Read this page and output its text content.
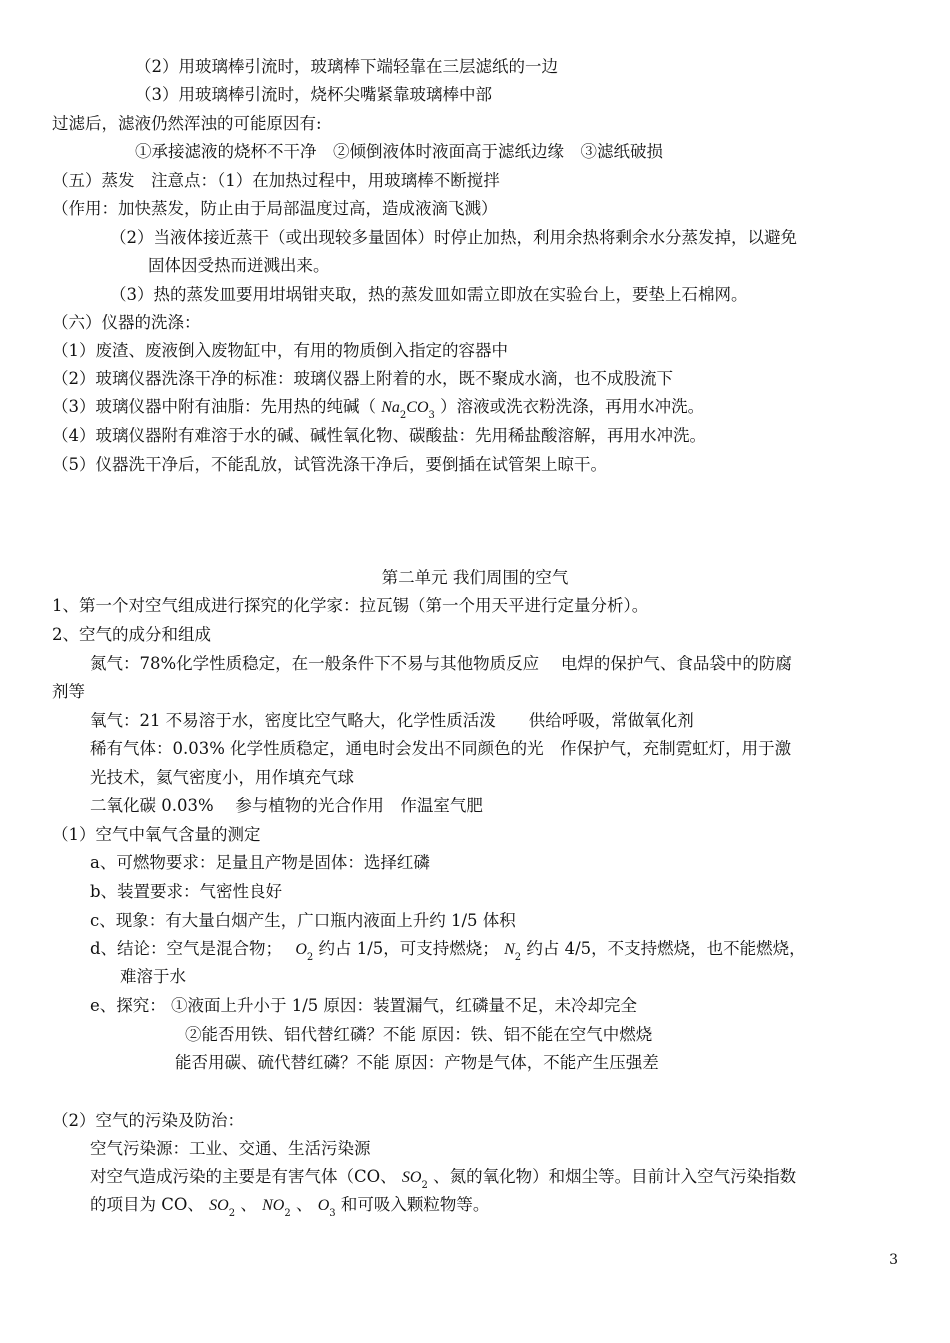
（2）用玻璃棒引流时，玻璃棒下端轻靠在三层滤纸的一边
（3）用玻璃棒引流时，烧杯尖嘴紧靠玻璃棒中部
过滤后，滤液仍然浑浊的可能原因有:
①承接滤液的烧杯不干净　②倾倒液体时液面高于滤纸边缘　③滤纸破损
（五）蒸发　注意点：（1）在加热过程中，用玻璃棒不断搅拌
（作用：加快蒸发，防止由于局部温度过高，造成液滴飞溅）
（2）当液体接近蒸干（或出现较多量固体）时停止加热，利用余热将剩余水分蒸发掉，以避免
固体因受热而迸溅出来。
（3）热的蒸发皿要用坩埚钳夹取，热的蒸发皿如需立即放在实验台上，要垫上石棉网。
（六）仪器的洗涤：
（1）废渣、废液倒入废物缸中，有用的物质倒入指定的容器中
（2）玻璃仪器洗涤干净的标准：玻璃仪器上附着的水，既不聚成水滴，也不成股流下
（3）玻璃仪器中附有油脂：先用热的纯碱（ $Na_2CO_3$ ）溶液或洗衣粉洗涤，再用水冲洗。
（4）玻璃仪器附有难溶于水的碱、碱性氧化物、碳酸盐：先用稀盐酸溶解，再用水冲洗。
（5）仪器洗干净后，不能乱放，试管洗涤干净后，要倒插在试管架上晾干。
第二单元 我们周围的空气
1、第一个对空气组成进行探究的化学家：拉瓦锡（第一个用天平进行定量分析）。
2、空气的成分和组成
氮气：78%化学性质稳定，在一般条件下不易与其他物质反应　 电焊的保护气、食品袋中的防腐
剂等
氧气：21 不易溶于水，密度比空气略大，化学性质活泼　　供给呼吸，常做氧化剂
稀有气体：0.03% 化学性质稳定，通电时会发出不同颜色的光　作保护气，充制霓虹灯，用于激
光技术，氦气密度小，用作填充气球
二氧化碳 0.03%　 参与植物的光合作用　作温室气肥
（1）空气中氧气含量的测定
a、可燃物要求：足量且产物是固体：选择红磷
b、装置要求：气密性良好
c、现象：有大量白烟产生，广口瓶内液面上升约 1/5 体积
d、结论：空气是混合物； $O_2$ 约占 1/5，可支持燃烧； $N_2$ 约占 4/5，不支持燃烧，也不能燃烧，
难溶于水
e、探究： ①液面上升小于 1/5 原因：装置漏气，红磷量不足，未冷却完全
②能否用铁、铝代替红磷？不能 原因：铁、铝不能在空气中燃烧
能否用碳、硫代替红磷？不能 原因：产物是气体，不能产生压强差
（2）空气的污染及防治：
空气污染源：工业、交通、生活污染源
对空气造成污染的主要是有害气体（CO、 $SO_2$ 、氮的氧化物）和烟尘等。目前计入空气污染指数
的项目为 CO、 $SO_2$ 、 $NO_2$ 、 $O_3$ 和可吸入颗粒物等。
3
